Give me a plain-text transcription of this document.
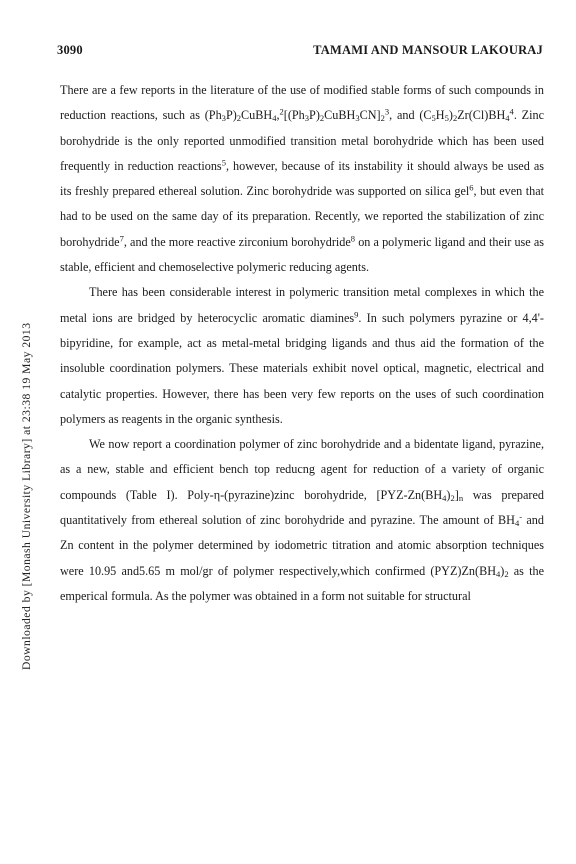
3090	TAMAMI AND MANSOUR LAKOURAJ
Downloaded by [Monash University Library] at 23:38 19 May 2013

There are a few reports in the literature of the use of modified stable forms of such compounds in reduction reactions, such as $(Ph_3P)_2CuBH_4,^2[(Ph_3P)_2CuBH_3CN]_2^3$, and $(C_5H_5)_2Zr(Cl)BH_4^4$. Zinc borohydride is the only reported unmodified transition metal borohydride which has been used frequently in reduction reactions$^5$, however, because of its instability it should always be used as its freshly prepared ethereal solution. Zinc borohydride was supported on silica gel$^6$, but even that had to be used on the same day of its preparation. Recently, we reported the stabilization of zinc borohydride$^7$, and the more reactive zirconium borohydride$^8$ on a polymeric ligand and their use as stable, efficient and chemoselective polymeric reducing agents.

There has been considerable interest in polymeric transition metal complexes in which the metal ions are bridged by heterocyclic aromatic diamines$^9$. In such polymers pyrazine or 4,4'-bipyridine, for example, act as metal-metal bridging ligands and thus aid the formation of the insoluble coordination polymers. These materials exhibit novel optical, magnetic, electrical and catalytic properties. However, there has been very few reports on the uses of such coordination polymers as reagents in the organic synthesis.

We now report a coordination polymer of zinc borohydride and a bidentate ligand, pyrazine, as a new, stable and efficient bench top reducng agent for reduction of a variety of organic compounds (Table I). Poly-η-(pyrazine)zinc borohydride, $[PYZ-Zn(BH_4)_2]_n$ was prepared quantitatively from ethereal solution of zinc borohydride and pyrazine. The amount of $BH_4^-$ and Zn content in the polymer determined by iodometric titration and atomic absorption techniques were 10.95 and5.65 m mol/gr of polymer respectively,which confirmed $(PYZ)Zn(BH_4)_2$ as the emperical formula. As the polymer was obtained in a form not suitable for structural
